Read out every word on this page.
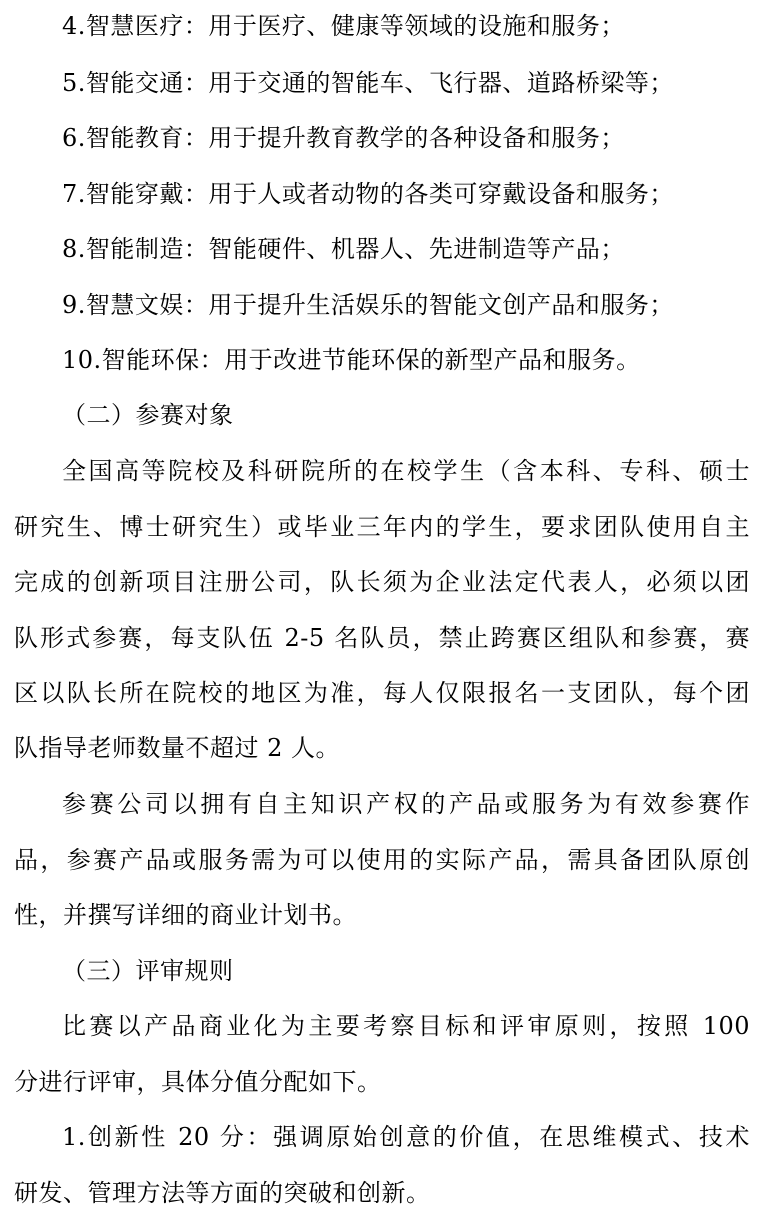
4.智慧医疗：用于医疗、健康等领域的设施和服务；
5.智能交通：用于交通的智能车、飞行器、道路桥梁等；
6.智能教育：用于提升教育教学的各种设备和服务；
7.智能穿戴：用于人或者动物的各类可穿戴设备和服务；
8.智能制造：智能硬件、机器人、先进制造等产品；
9.智慧文娱：用于提升生活娱乐的智能文创产品和服务；
10.智能环保：用于改进节能环保的新型产品和服务。
（二）参赛对象
全国高等院校及科研院所的在校学生（含本科、专科、硕士
研究生、博士研究生）或毕业三年内的学生，要求团队使用自主
完成的创新项目注册公司，队长须为企业法定代表人，必须以团
队形式参赛，每支队伍 2-5 名队员，禁止跨赛区组队和参赛，赛
区以队长所在院校的地区为准，每人仅限报名一支团队，每个团
队指导老师数量不超过 2 人。
参赛公司以拥有自主知识产权的产品或服务为有效参赛作
品，参赛产品或服务需为可以使用的实际产品，需具备团队原创
性，并撰写详细的商业计划书。
（三）评审规则
比赛以产品商业化为主要考察目标和评审原则，按照 100
分进行评审，具体分值分配如下。
1.创新性 20 分：强调原始创意的价值，在思维模式、技术
研发、管理方法等方面的突破和创新。
